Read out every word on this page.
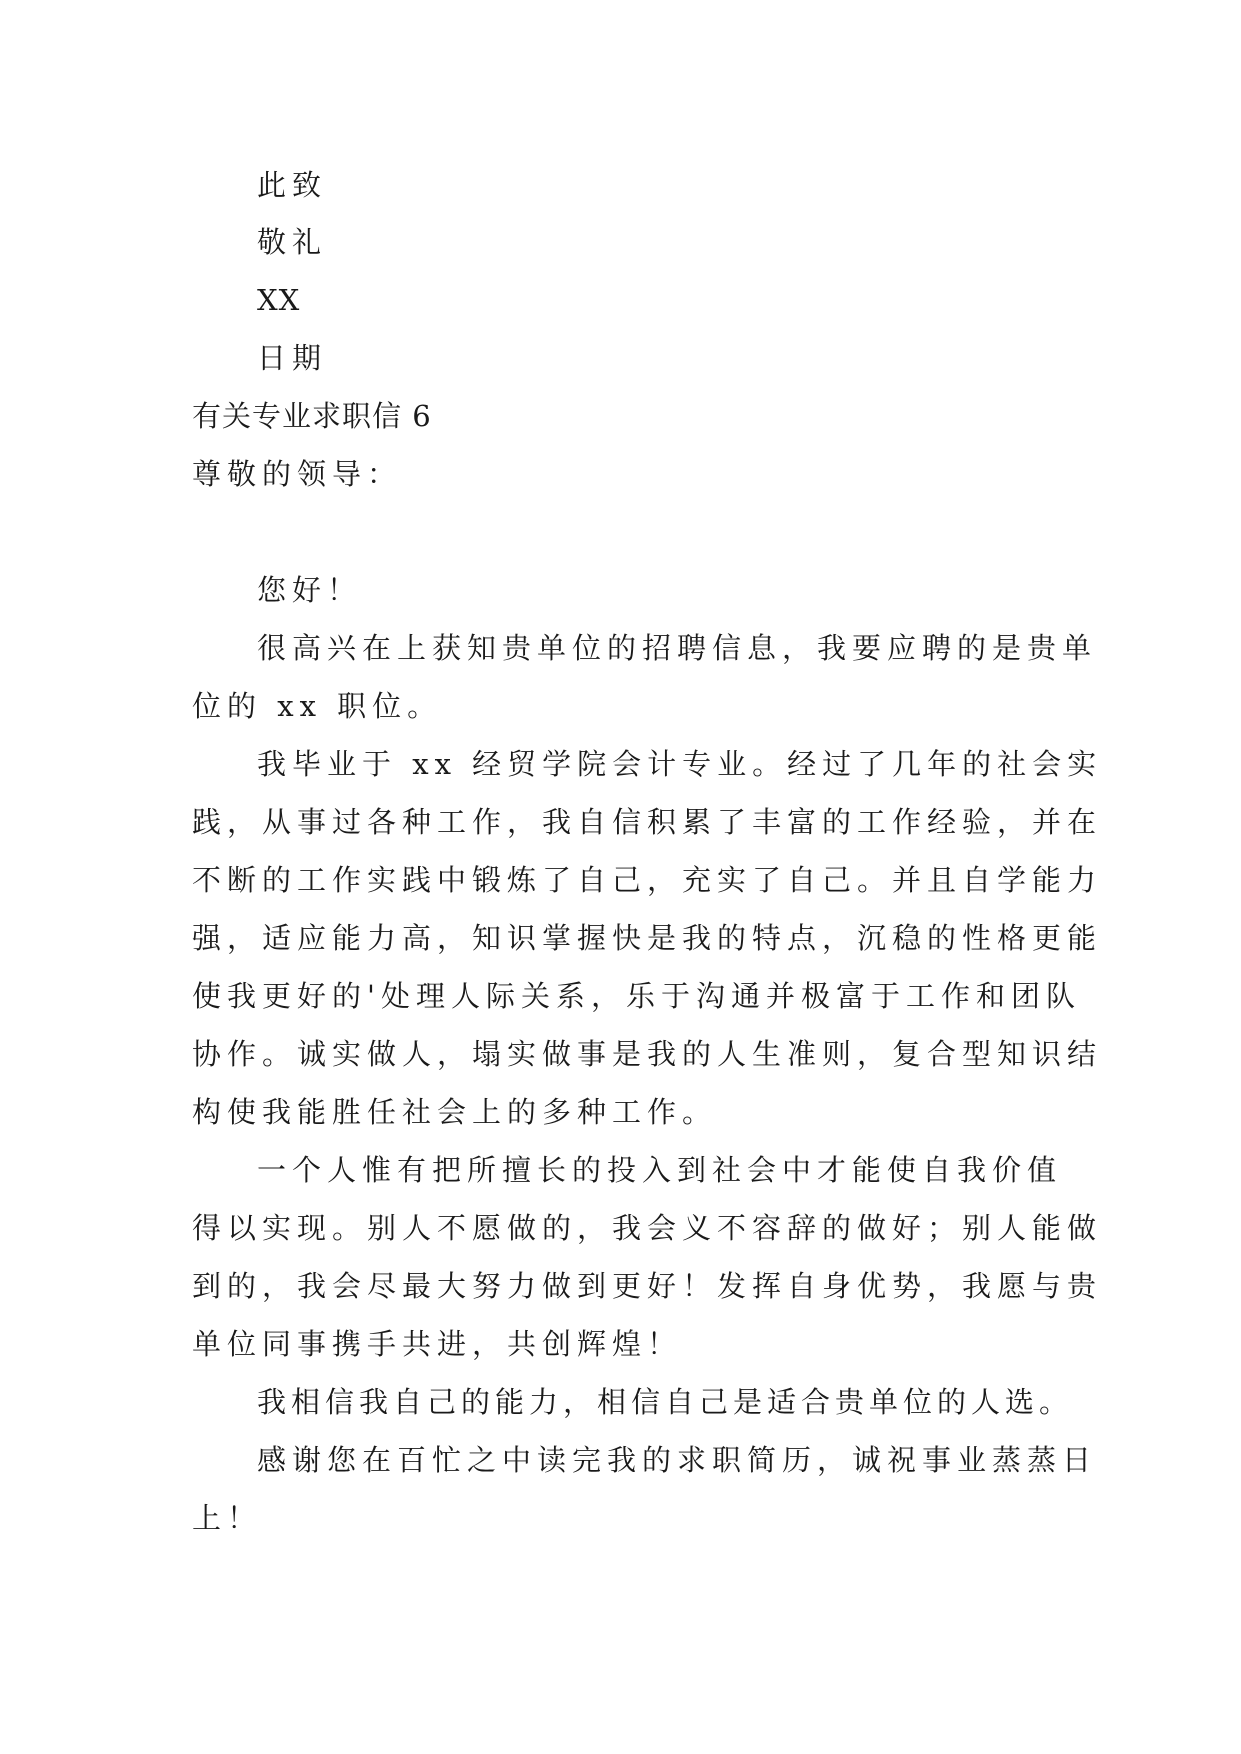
此致
敬礼
XX
日期
有关专业求职信 6
尊敬的领导：
您好！
很高兴在上获知贵单位的招聘信息，我要应聘的是贵单
位的 xx 职位。
我毕业于 xx 经贸学院会计专业。经过了几年的社会实
践，从事过各种工作，我自信积累了丰富的工作经验，并在
不断的工作实践中锻炼了自己，充实了自己。并且自学能力
强，适应能力高，知识掌握快是我的特点，沉稳的性格更能
使我更好的'处理人际关系，乐于沟通并极富于工作和团队
协作。诚实做人，塌实做事是我的人生准则，复合型知识结
构使我能胜任社会上的多种工作。
一个人惟有把所擅长的投入到社会中才能使自我价值
得以实现。别人不愿做的，我会义不容辞的做好；别人能做
到的，我会尽最大努力做到更好！发挥自身优势，我愿与贵
单位同事携手共进，共创辉煌！
我相信我自己的能力，相信自己是适合贵单位的人选。
感谢您在百忙之中读完我的求职简历，诚祝事业蒸蒸日
上！
